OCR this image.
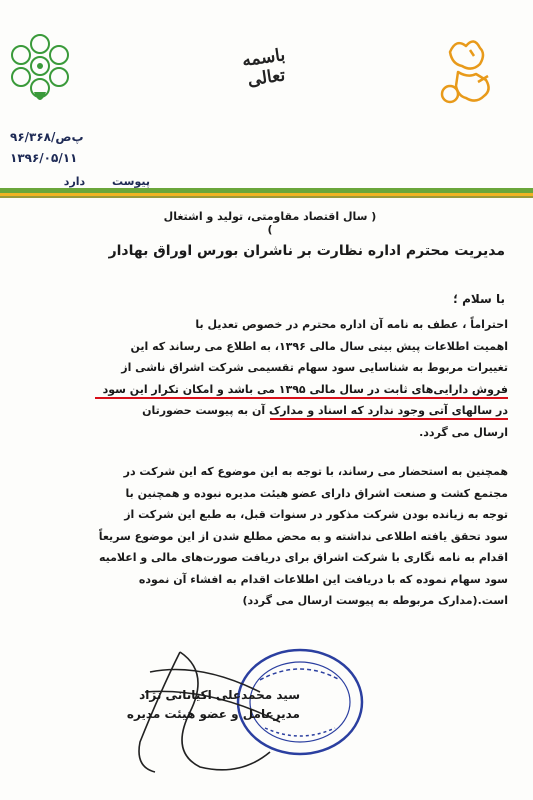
باسمه تعالی
۹۶/۳۶۸/پ‌ص
۱۳۹۶/۰۵/۱۱
پیوست       دارد
( سال اقتصاد مقاومتی، تولید و اشتغال )
مدیریت محترم اداره نظارت بر ناشران بورس اوراق بهادار
با سلام ؛
احتراماً ، عطف به نامه آن اداره محترم در خصوص تعدیل با
اهمیت اطلاعات پیش بینی سال مالی ۱۳۹۶، به اطلاع می رساند که این
تغییرات مربوط به شناسایی سود سهام تقسیمی شرکت اشراق ناشی از
فروش دارایی‌های ثابت در سال مالی ۱۳۹۵ می باشد و امکان تکرار این سود
در سالهای آتی وجود ندارد که اسناد و مدارک آن به پیوست حضورتان
ارسال می گردد.
همچنین به استحضار می رساند، با توجه به این موضوع که این شرکت در
مجتمع کشت و صنعت اشراق دارای عضو هیئت مدیره نبوده و همچنین با
توجه به زیانده بودن شرکت مذکور در سنوات قبل، به طبع این شرکت از
سود تحقق یافته اطلاعی نداشته و به محض مطلع شدن از این موضوع سریعاً
اقدام به نامه نگاری با شرکت اشراق برای دریافت صورت‌های مالی و اعلامیه
سود سهام نموده که با دریافت این اطلاعات اقدام به افشاء آن نموده
است.(مدارک مربوطه به پیوست ارسال می گردد)
سید محمدعلی اکیانانی نژاد
مدیرعامل و عضو هیئت مدیره
